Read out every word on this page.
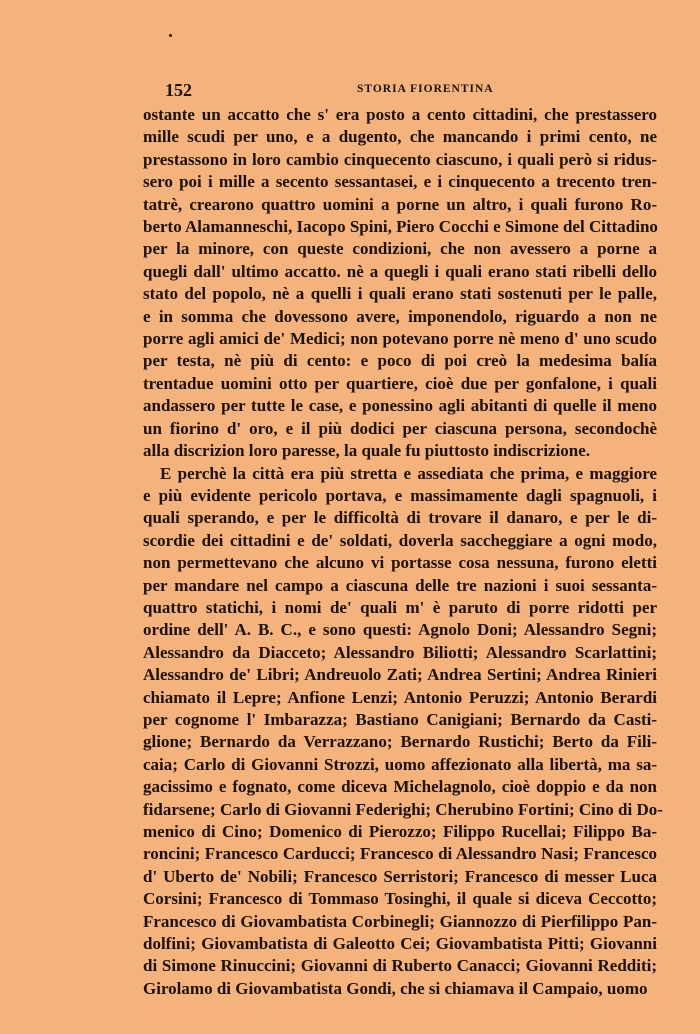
152	STORIA FIORENTINA
ostante un accatto che s' era posto a cento cittadini, che prestassero
mille scudi per uno, e a dugento, che mancando i primi cento, ne
prestassono in loro cambio cinquecento ciascuno, i quali però si ridus-
sero poi i mille a secento sessantasei, e i cinquecento a trecento tren-
tatrè, crearono quattro uomini a porne un altro, i quali furono Ro-
berto Alamanneschi, Iacopo Spini, Piero Cocchi e Simone del Cittadino
per la minore, con queste condizioni, che non avessero a porne a
quegli dall' ultimo accatto. nè a quegli i quali erano stati ribelli dello
stato del popolo, nè a quelli i quali erano stati sostenuti per le palle,
e in somma che dovessono avere, imponendolo, riguardo a non ne
porre agli amici de' Medici; non potevano porre nè meno d' uno scudo
per testa, nè più di cento: e poco di poi creò la medesima balía
trentadue uomini otto per quartiere, cioè due per gonfalone, i quali
andassero per tutte le case, e ponessino agli abitanti di quelle il meno
un fiorino d' oro, e il più dodici per ciascuna persona, secondochè
alla discrizion loro paresse, la quale fu piuttosto indiscrizione.
E perchè la città era più stretta e assediata che prima, e maggiore
e più evidente pericolo portava, e massimamente dagli spagnuoli, i
quali sperando, e per le difficoltà di trovare il danaro, e per le di-
scordie dei cittadini e de' soldati, doverla saccheggiare a ogni modo,
non permettevano che alcuno vi portasse cosa nessuna, furono eletti
per mandare nel campo a ciascuna delle tre nazioni i suoi sessanta-
quattro statichi, i nomi de' quali m' è paruto di porre ridotti per
ordine dell' A. B. C., e sono questi: Agnolo Doni; Alessandro Segni;
Alessandro da Diacceto; Alessandro Biliotti; Alessandro Scarlattini;
Alessandro de' Libri; Andreuolo Zati; Andrea Sertini; Andrea Rinieri
chiamato il Lepre; Anfione Lenzi; Antonio Peruzzi; Antonio Berardi
per cognome l' Imbarazza; Bastiano Canigiani; Bernardo da Casti-
glione; Bernardo da Verrazzano; Bernardo Rustichi; Berto da Fili-
caia; Carlo di Giovanni Strozzi, uomo affezionato alla libertà, ma sa-
gacissimo e fognato, come diceva Michelagnolo, cioè doppio e da non
fidarsene; Carlo di Giovanni Federighi; Cherubino Fortini; Cino di Do-
menico di Cino; Domenico di Pierozzo; Filippo Rucellai; Filippo Ba-
roncini; Francesco Carducci; Francesco di Alessandro Nasi; Francesco
d' Uberto de' Nobili; Francesco Serristori; Francesco di messer Luca
Corsini; Francesco di Tommaso Tosinghi, il quale si diceva Ceccotto;
Francesco di Giovambatista Corbinegli; Giannozzo di Pierfilippo Pan-
dolfini; Giovambatista di Galeotto Cei; Giovambatista Pitti; Giovanni
di Simone Rinuccini; Giovanni di Ruberto Canacci; Giovanni Redditi;
Girolamo di Giovambatista Gondi, che si chiamava il Campaio, uomo
